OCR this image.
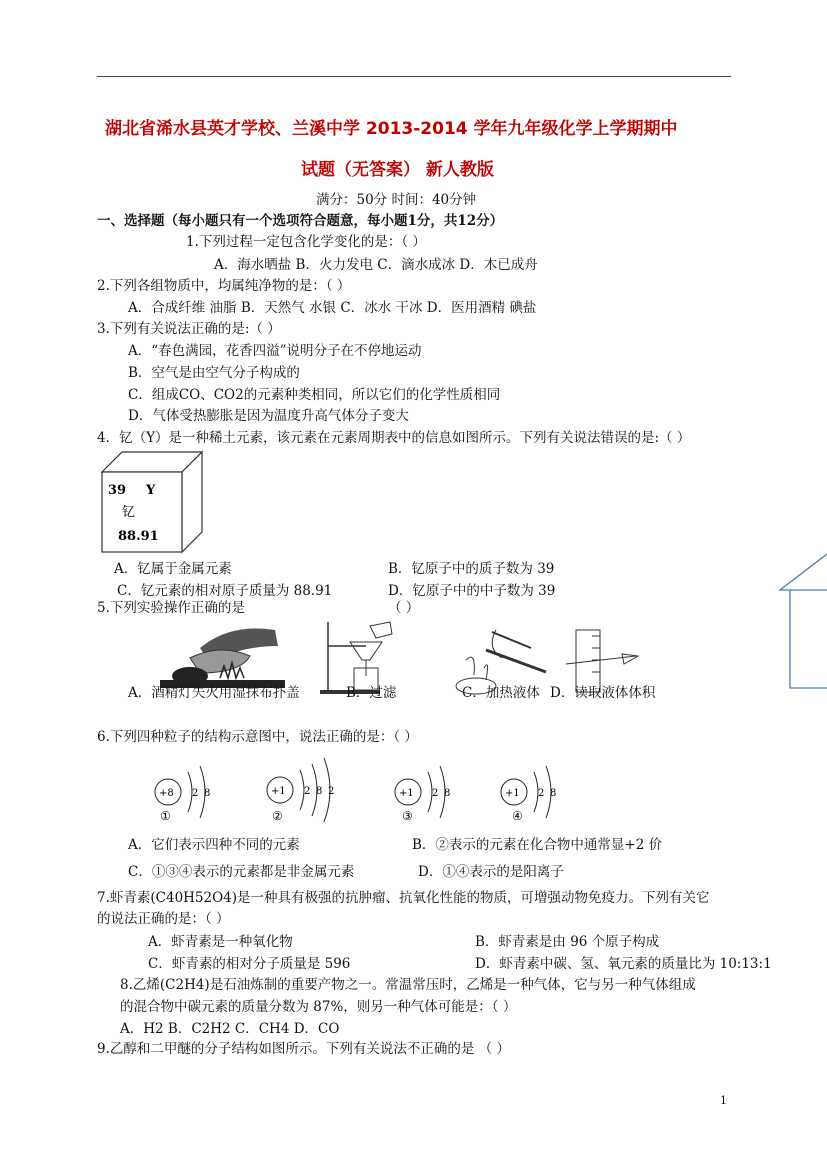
湖北省浠水县英才学校、兰溪中学 2013-2014 学年九年级化学上学期期中
试题（无答案） 新人教版
满分：50分 时间：40分钟
一、选择题（每小题只有一个选项符合题意，每小题1分，共12分）
1.下列过程一定包含化学变化的是：（ ）
A．海水晒盐 B．火力发电 C．滴水成冰 D．木已成舟
2.下列各组物质中，均属纯净物的是：（ ）
A．合成纤维 油脂 B．天然气 水银 C．冰水 干冰 D．医用酒精 碘盐
3.下列有关说法正确的是:（ ）
A．“春色满园，花香四溢”说明分子在不停地运动
B．空气是由空气分子构成的
C．组成CO、CO2的元素种类相同，所以它们的化学性质相同
D．气体受热膨胀是因为温度升高气体分子变大
4．钇（Y）是一种稀土元素，该元素在元素周期表中的信息如图所示。下列有关说法错误的是:（ ）
39 Y
钇
88.91
A．钇属于金属元素	B．钇原子中的质子数为 39
C．钇元素的相对原子质量为 88.91	D．钇原子中的中子数为 39
5.下列实验操作正确的是	（ ）
A．酒精灯失火用湿抹布扑盖	B．过滤	C．加热液体 D．读取液体体积
6.下列四种粒子的结构示意图中，说法正确的是：（ ）
+8 2 8
①
+1 2 8 2
②
+1 2 8
③
+1 2 8
④
A．它们表示四种不同的元素	B．②表示的元素在化合物中通常显+2 价
C．①③④表示的元素都是非金属元素	D．①④表示的是阳离子
7.虾青素(C40H52O4)是一种具有极强的抗肿瘤、抗氧化性能的物质，可增强动物免疫力。下列有关它
的说法正确的是：（ ）
A．虾青素是一种氧化物	B．虾青素是由 96 个原子构成
C．虾青素的相对分子质量是 596	D．虾青素中碳、氢、氧元素的质量比为 10:13:1
8.乙烯(C2H4)是石油炼制的重要产物之一。常温常压时，乙烯是一种气体，它与另一种气体组成
的混合物中碳元素的质量分数为 87%，则另一种气体可能是：（ ）
A．H2 B．C2H2 C．CH4 D．CO
9.乙醇和二甲醚的分子结构如图所示。下列有关说法不正确的是 （ ）
1
